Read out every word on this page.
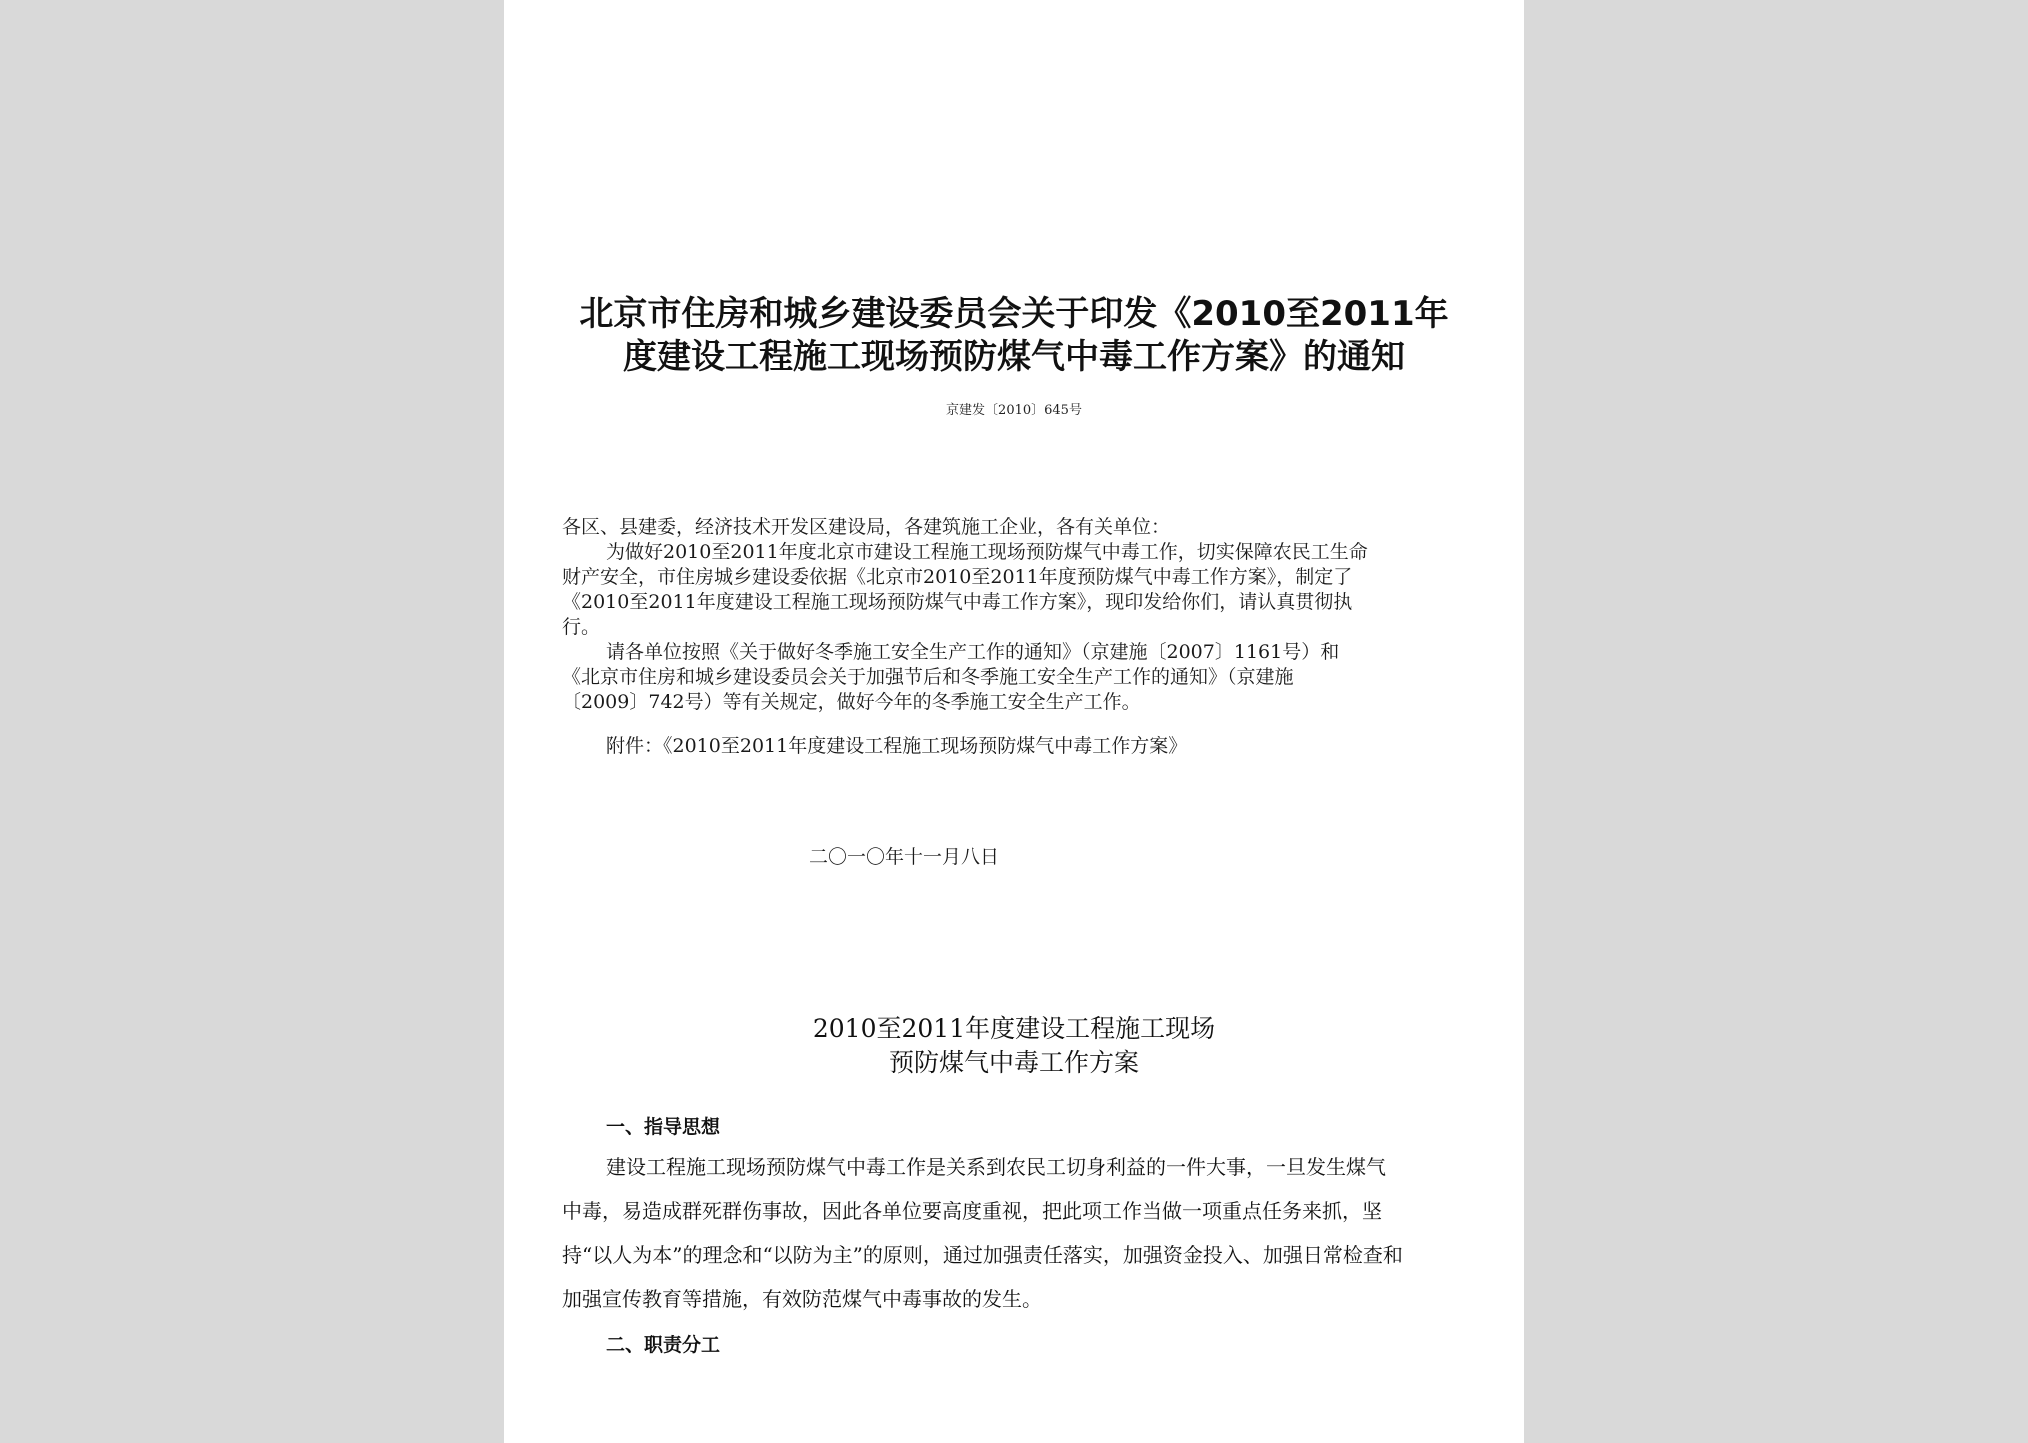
北京市住房和城乡建设委员会关于印发《2010至2011年
度建设工程施工现场预防煤气中毒工作方案》的通知
京建发〔2010〕645号
各区、县建委，经济技术开发区建设局，各建筑施工企业，各有关单位：
为做好2010至2011年度北京市建设工程施工现场预防煤气中毒工作，切实保障农民工生命
财产安全，市住房城乡建设委依据《北京市2010至2011年度预防煤气中毒工作方案》，制定了
《2010至2011年度建设工程施工现场预防煤气中毒工作方案》，现印发给你们，请认真贯彻执
行。
请各单位按照《关于做好冬季施工安全生产工作的通知》（京建施〔2007〕1161号）和
《北京市住房和城乡建设委员会关于加强节后和冬季施工安全生产工作的通知》（京建施
〔2009〕742号）等有关规定，做好今年的冬季施工安全生产工作。
附件：《2010至2011年度建设工程施工现场预防煤气中毒工作方案》
二〇一〇年十一月八日
2010至2011年度建设工程施工现场
预防煤气中毒工作方案
一、指导思想
建设工程施工现场预防煤气中毒工作是关系到农民工切身利益的一件大事，一旦发生煤气
中毒，易造成群死群伤事故，因此各单位要高度重视，把此项工作当做一项重点任务来抓，坚
持“以人为本”的理念和“以防为主”的原则，通过加强责任落实，加强资金投入、加强日常检查和
加强宣传教育等措施，有效防范煤气中毒事故的发生。
二、职责分工
